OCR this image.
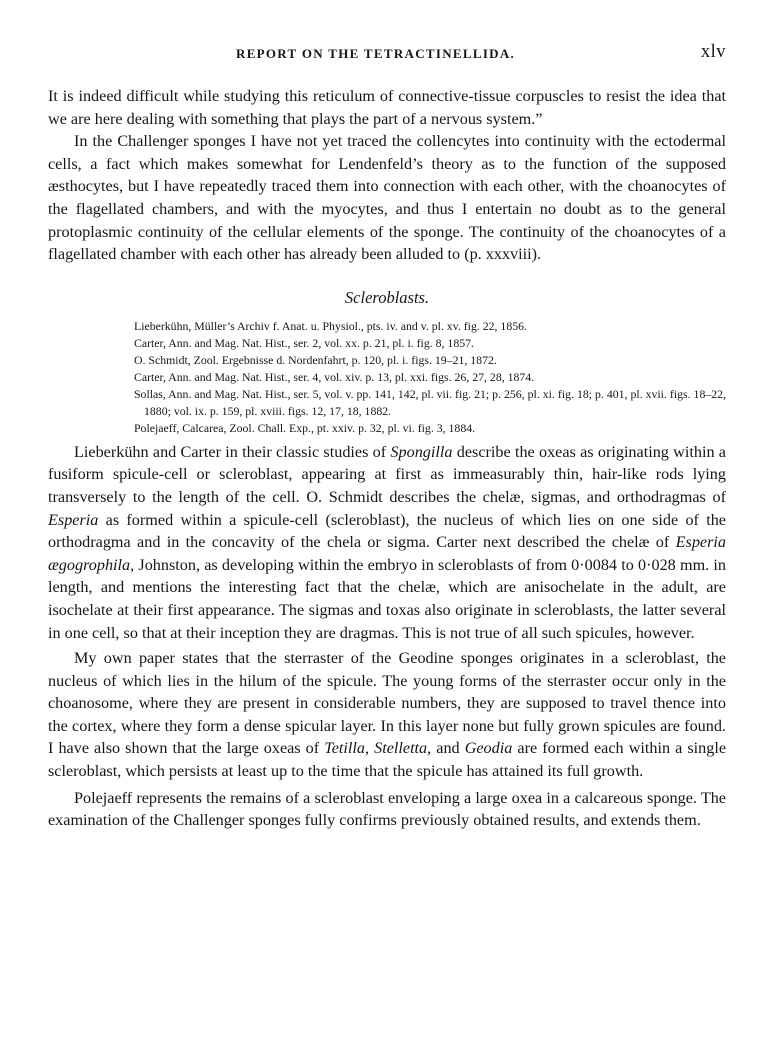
REPORT ON THE TETRACTINELLIDA.	xlv

It is indeed difficult while studying this reticulum of connective-tissue corpuscles to resist the idea that we are here dealing with something that plays the part of a nervous system.”

In the Challenger sponges I have not yet traced the collencytes into continuity with the ectodermal cells, a fact which makes somewhat for Lendenfeld’s theory as to the function of the supposed æsthocytes, but I have repeatedly traced them into connection with each other, with the choanocytes of the flagellated chambers, and with the myocytes, and thus I entertain no doubt as to the general protoplasmic continuity of the cellular elements of the sponge. The continuity of the choanocytes of a flagellated chamber with each other has already been alluded to (p. xxxviii).

Scleroblasts.
Lieberkühn, Müller’s Archiv f. Anat. u. Physiol., pts. iv. and v. pl. xv. fig. 22, 1856.
Carter, Ann. and Mag. Nat. Hist., ser. 2, vol. xx. p. 21, pl. i. fig. 8, 1857.
O. Schmidt, Zool. Ergebnisse d. Nordenfahrt, p. 120, pl. i. figs. 19–21, 1872.
Carter, Ann. and Mag. Nat. Hist., ser. 4, vol. xiv. p. 13, pl. xxi. figs. 26, 27, 28, 1874.
Sollas, Ann. and Mag. Nat. Hist., ser. 5, vol. v. pp. 141, 142, pl. vii. fig. 21; p. 256, pl. xi. fig. 18; p. 401, pl. xvii. figs. 18–22, 1880; vol. ix. p. 159, pl. xviii. figs. 12, 17, 18, 1882.
Polejaeff, Calcarea, Zool. Chall. Exp., pt. xxiv. p. 32, pl. vi. fig. 3, 1884.

Lieberkühn and Carter in their classic studies of Spongilla describe the oxeas as originating within a fusiform spicule-cell or scleroblast, appearing at first as immeasurably thin, hair-like rods lying transversely to the length of the cell. O. Schmidt describes the chelæ, sigmas, and orthodragmas of Esperia as formed within a spicule-cell (scleroblast), the nucleus of which lies on one side of the orthodragma and in the concavity of the chela or sigma. Carter next described the chelæ of Esperia ægogrophila, Johnston, as developing within the embryo in scleroblasts of from 0·0084 to 0·028 mm. in length, and mentions the interesting fact that the chelæ, which are anisochelate in the adult, are isochelate at their first appearance. The sigmas and toxas also originate in scleroblasts, the latter several in one cell, so that at their inception they are dragmas. This is not true of all such spicules, however.

My own paper states that the sterraster of the Geodine sponges originates in a scleroblast, the nucleus of which lies in the hilum of the spicule. The young forms of the sterraster occur only in the choanosome, where they are present in considerable numbers, they are supposed to travel thence into the cortex, where they form a dense spicular layer. In this layer none but fully grown spicules are found. I have also shown that the large oxeas of Tetilla, Stelletta, and Geodia are formed each within a single scleroblast, which persists at least up to the time that the spicule has attained its full growth.

Polejaeff represents the remains of a scleroblast enveloping a large oxea in a calcareous sponge. The examination of the Challenger sponges fully confirms previously obtained results, and extends them.
